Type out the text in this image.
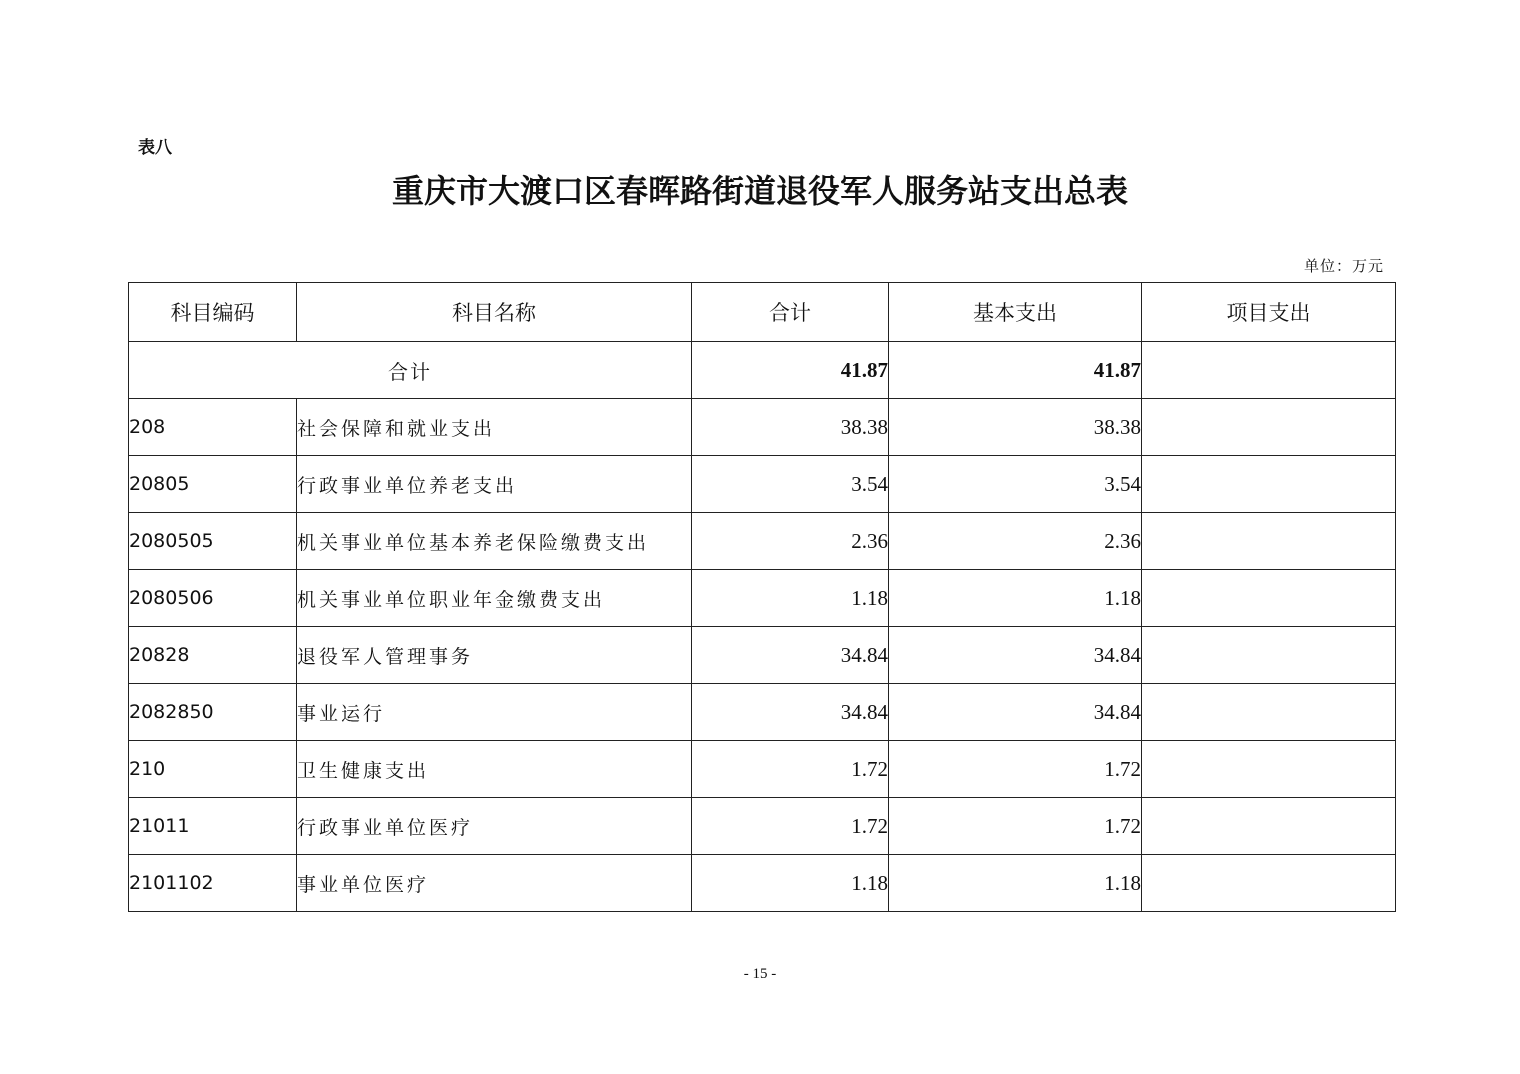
表八
重庆市大渡口区春晖路街道退役军人服务站支出总表
单位：万元
科目编码	科目名称	合计	基本支出	项目支出
合计		41.87	41.87	
208	社会保障和就业支出	38.38	38.38	
20805	行政事业单位养老支出	3.54	3.54	
2080505	机关事业单位基本养老保险缴费支出	2.36	2.36	
2080506	机关事业单位职业年金缴费支出	1.18	1.18	
20828	退役军人管理事务	34.84	34.84	
2082850	事业运行	34.84	34.84	
210	卫生健康支出	1.72	1.72	
21011	行政事业单位医疗	1.72	1.72	
2101102	事业单位医疗	1.18	1.18	
- 15 -
